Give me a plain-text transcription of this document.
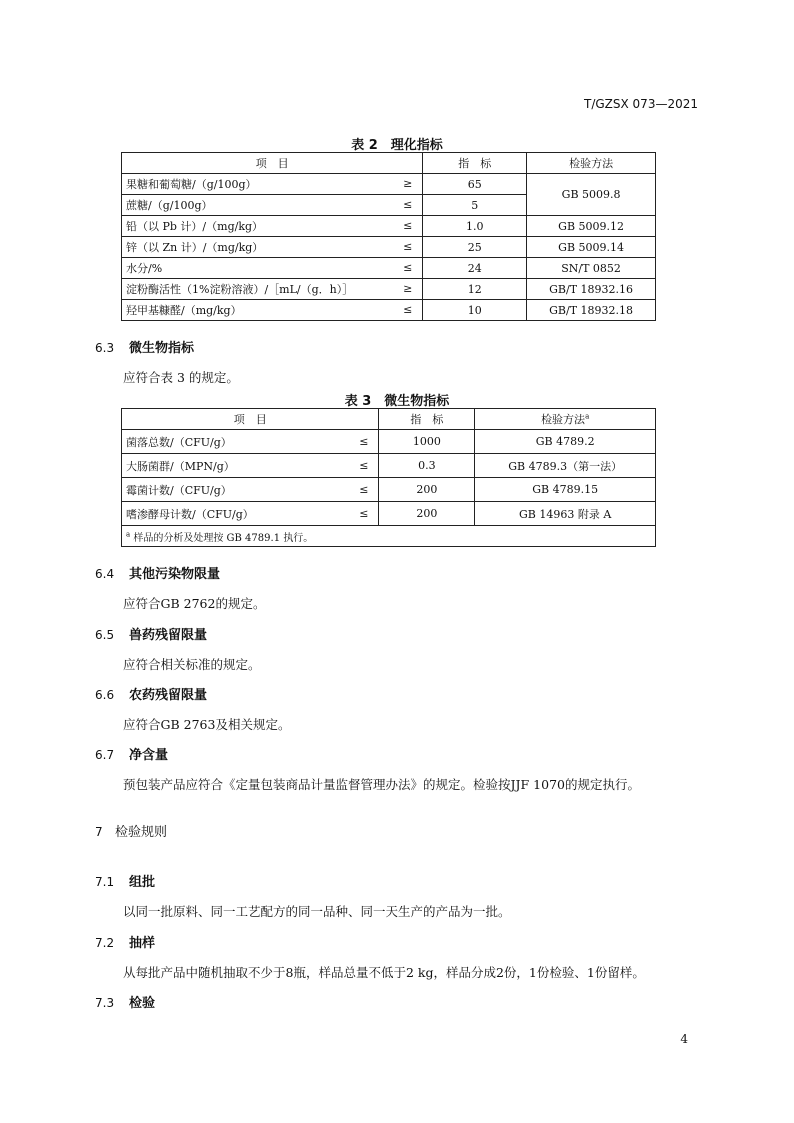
T/GZSX 073—2021
表 2　理化指标
项　目	指　标	检验方法
果糖和葡萄糖/（g/100g） ≥	65	GB 5009.8
蔗糖/（g/100g） ≤	5	
铅（以 Pb 计）/（mg/kg） ≤	1.0	GB 5009.12
锌（以 Zn 计）/（mg/kg） ≤	25	GB 5009.14
水分/% ≤	24	SN/T 0852
淀粉酶活性（1%淀粉溶液）/［mL/（g．h）］ ≥	12	GB/T 18932.16
羟甲基糠醛/（mg/kg） ≤	10	GB/T 18932.18
6.3 微生物指标
应符合表 3 的规定。
表 3　微生物指标
项　目	指　标	检验方法$^a$
菌落总数/（CFU/g） ≤	1000	GB 4789.2
大肠菌群/（MPN/g） ≤	0.3	GB 4789.3（第一法）
霉菌计数/（CFU/g） ≤	200	GB 4789.15
嗜渗酵母计数/（CFU/g） ≤	200	GB 14963 附录 A
$^a$ 样品的分析及处理按 GB 4789.1 执行。		
6.4 其他污染物限量
应符合GB 2762的规定。
6.5 兽药残留限量
应符合相关标准的规定。
6.6 农药残留限量
应符合GB 2763及相关规定。
6.7 净含量
预包装产品应符合《定量包装商品计量监督管理办法》的规定。检验按JJF 1070的规定执行。
7 检验规则
7.1 组批
以同一批原料、同一工艺配方的同一品种、同一天生产的产品为一批。
7.2 抽样
从每批产品中随机抽取不少于8瓶，样品总量不低于2 kg，样品分成2份，1份检验、1份留样。
7.3 检验
4
